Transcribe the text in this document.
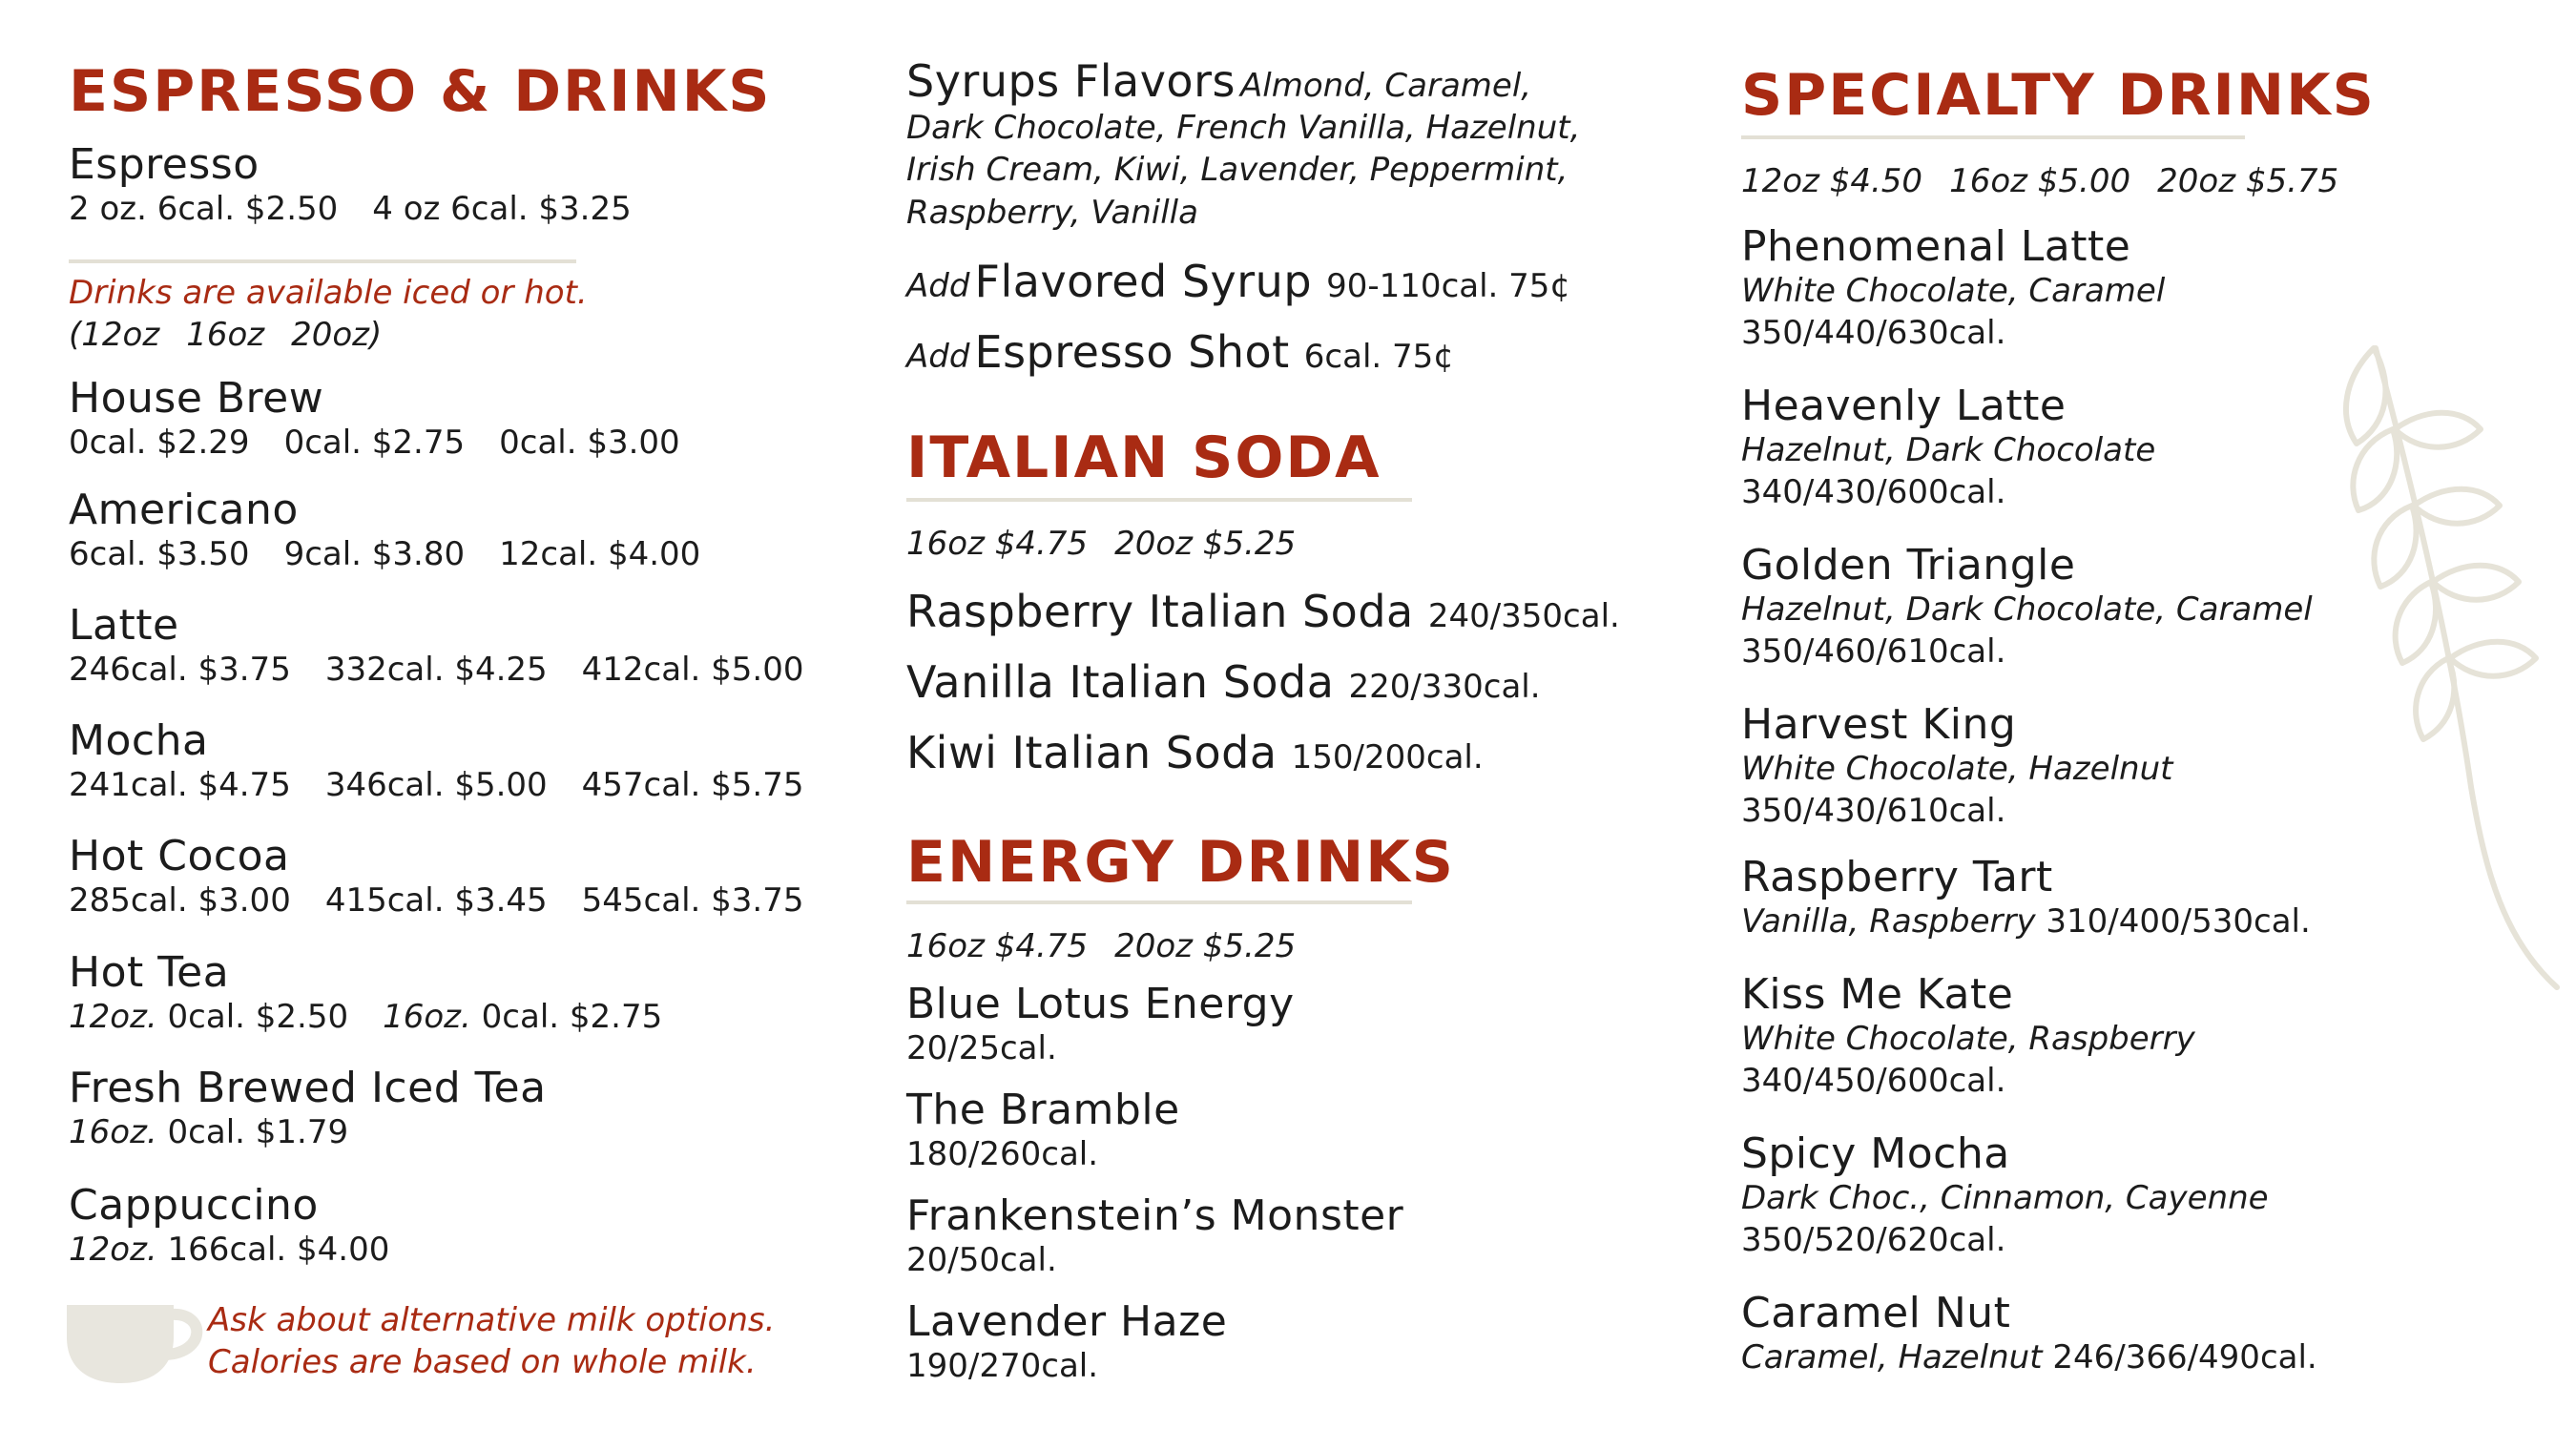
ESPRESSO & DRINKS
Espresso
2 oz. 6cal. $2.50 4 oz 6cal. $3.25
Drinks are available iced or hot.
(12oz 16oz 20oz)
House Brew
0cal. $2.29 0cal. $2.75 0cal. $3.00
Americano
6cal. $3.50 9cal. $3.80 12cal. $4.00
Latte
246cal. $3.75 332cal. $4.25 412cal. $5.00
Mocha
241cal. $4.75 346cal. $5.00 457cal. $5.75
Hot Cocoa
285cal. $3.00 415cal. $3.45 545cal. $3.75
Hot Tea
12oz. 0cal. $2.50 16oz. 0cal. $2.75
Fresh Brewed Iced Tea
16oz. 0cal. $1.79
Cappuccino
12oz. 166cal. $4.00
Ask about alternative milk options.
Calories are based on whole milk.
Syrups Flavors Almond, Caramel,
Dark Chocolate, French Vanilla, Hazelnut,
Irish Cream, Kiwi, Lavender, Peppermint,
Raspberry, Vanilla
Add Flavored Syrup 90-110cal. 75¢
Add Espresso Shot 6cal. 75¢
ITALIAN SODA
16oz $4.75 20oz $5.25
Raspberry Italian Soda 240/350cal.
Vanilla Italian Soda 220/330cal.
Kiwi Italian Soda 150/200cal.
ENERGY DRINKS
16oz $4.75 20oz $5.25
Blue Lotus Energy
20/25cal.
The Bramble
180/260cal.
Frankenstein’s Monster
20/50cal.
Lavender Haze
190/270cal.
SPECIALTY DRINKS
12oz $4.50 16oz $5.00 20oz $5.75
Phenomenal Latte
White Chocolate, Caramel
350/440/630cal.
Heavenly Latte
Hazelnut, Dark Chocolate
340/430/600cal.
Golden Triangle
Hazelnut, Dark Chocolate, Caramel
350/460/610cal.
Harvest King
White Chocolate, Hazelnut
350/430/610cal.
Raspberry Tart
Vanilla, Raspberry 310/400/530cal.
Kiss Me Kate
White Chocolate, Raspberry
340/450/600cal.
Spicy Mocha
Dark Choc., Cinnamon, Cayenne
350/520/620cal.
Caramel Nut
Caramel, Hazelnut 246/366/490cal.
